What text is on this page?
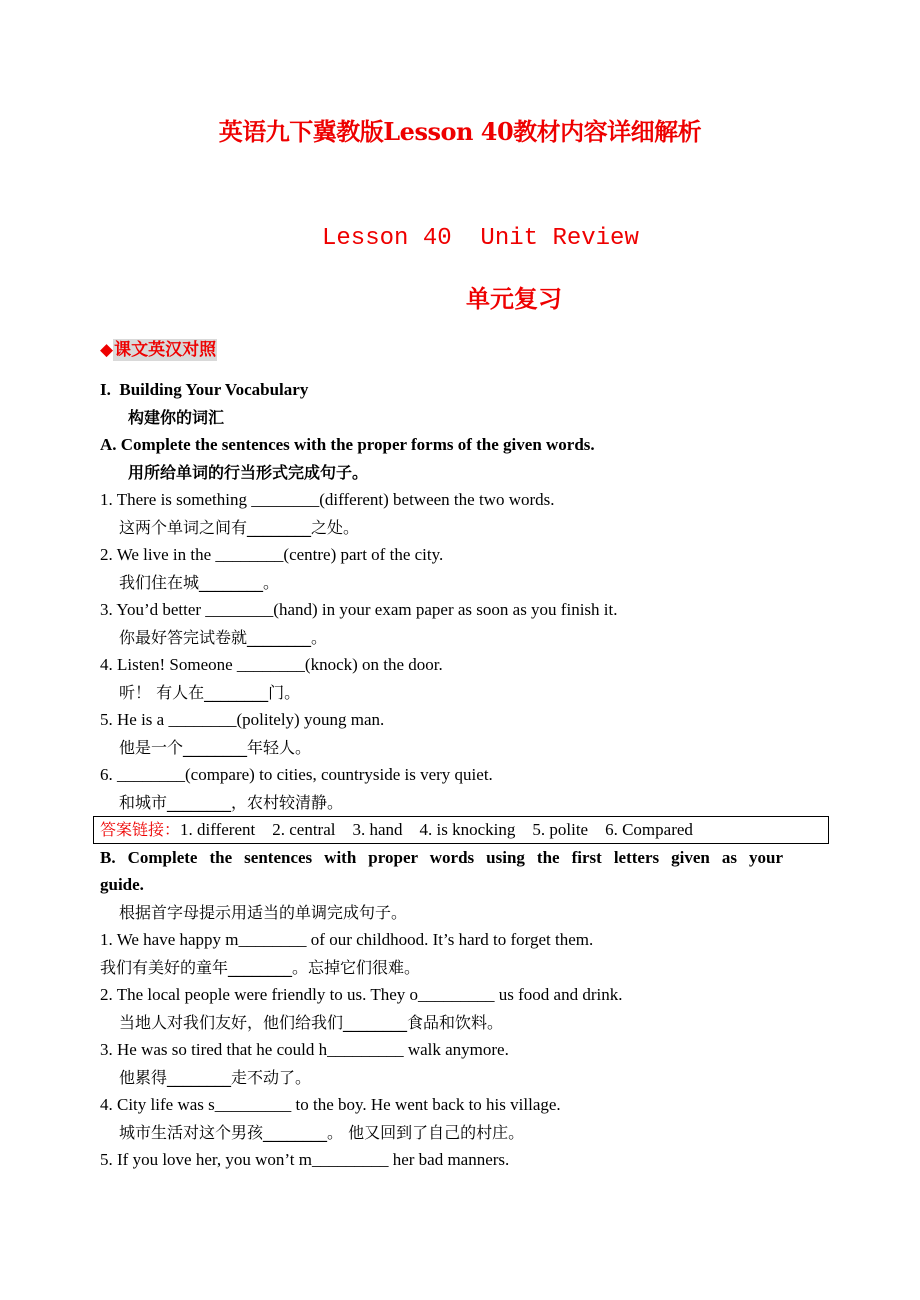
英语九下冀教版Lesson 40教材内容详细解析
Lesson 40  Unit Review
单元复习
◆课文英汉对照
I.  Building Your Vocabulary
构建你的词汇
A. Complete the sentences with the proper forms of the given words.
用所给单词的行当形式完成句子。
1. There is something ________(different) between the two words.
这两个单词之间有________之处。
2. We live in the ________(centre) part of the city.
我们住在城________。
3. You’d better ________(hand) in your exam paper as soon as you finish it.
你最好答完试卷就________。
4. Listen! Someone ________(knock) on the door.
听！ 有人在________门。
5. He is a ________(politely) young man.
他是一个________年轻人。
6. ________(compare) to cities, countryside is very quiet.
和城市________，农村较清静。
答案链接：1. different    2. central    3. hand    4. is knocking    5. polite    6. Compared
B. Complete the sentences with proper words using the first letters given as your
guide.
根据首字母提示用适当的单调完成句子。
1. We have happy m________ of our childhood. It’s hard to forget them.
我们有美好的童年________。忘掉它们很难。
2. The local people were friendly to us. They o_________ us food and drink.
当地人对我们友好，他们给我们________食品和饮料。
3. He was so tired that he could h_________ walk anymore.
他累得________走不动了。
4. City life was s_________ to the boy. He went back to his village.
城市生活对这个男孩________。 他又回到了自己的村庄。
5. If you love her, you won’t m_________ her bad manners.
